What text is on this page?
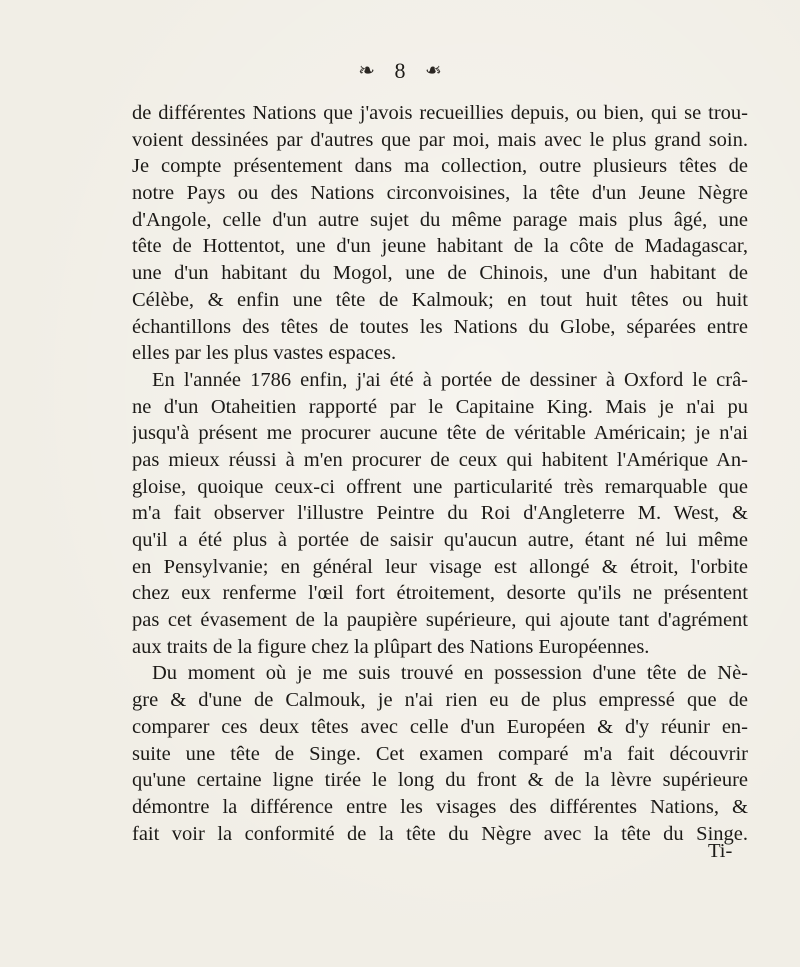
❧ 8 ❧
de différentes Nations que j'avois recueillies depuis, ou bien, qui se trou-
voient dessinées par d'autres que par moi, mais avec le plus grand soin.
Je compte présentement dans ma collection, outre plusieurs têtes de
notre Pays ou des Nations circonvoisines, la tête d'un Jeune Nègre
d'Angole, celle d'un autre sujet du même parage mais plus âgé, une
tête de Hottentot, une d'un jeune habitant de la côte de Madagascar,
une d'un habitant du Mogol, une de Chinois, une d'un habitant de
Célèbe, & enfin une tête de Kalmouk; en tout huit têtes ou huit
échantillons des têtes de toutes les Nations du Globe, séparées entre
elles par les plus vastes espaces.
En l'année 1786 enfin, j'ai été à portée de dessiner à Oxford le crâ-
ne d'un Otaheitien rapporté par le Capitaine King. Mais je n'ai pu
jusqu'à présent me procurer aucune tête de véritable Américain; je n'ai
pas mieux réussi à m'en procurer de ceux qui habitent l'Amérique An-
gloise, quoique ceux-ci offrent une particularité très remarquable que
m'a fait observer l'illustre Peintre du Roi d'Angleterre M. West, &
qu'il a été plus à portée de saisir qu'aucun autre, étant né lui même
en Pensylvanie; en général leur visage est allongé & étroit, l'orbite
chez eux renferme l'œil fort étroitement, desorte qu'ils ne présentent
pas cet évasement de la paupière supérieure, qui ajoute tant d'agrément
aux traits de la figure chez la plûpart des Nations Européennes.
Du moment où je me suis trouvé en possession d'une tête de Nè-
gre & d'une de Calmouk, je n'ai rien eu de plus empressé que de
comparer ces deux têtes avec celle d'un Européen & d'y réunir en-
suite une tête de Singe. Cet examen comparé m'a fait découvrir
qu'une certaine ligne tirée le long du front & de la lèvre supérieure
démontre la différence entre les visages des différentes Nations, &
fait voir la conformité de la tête du Nègre avec la tête du Singe.
Ti-
